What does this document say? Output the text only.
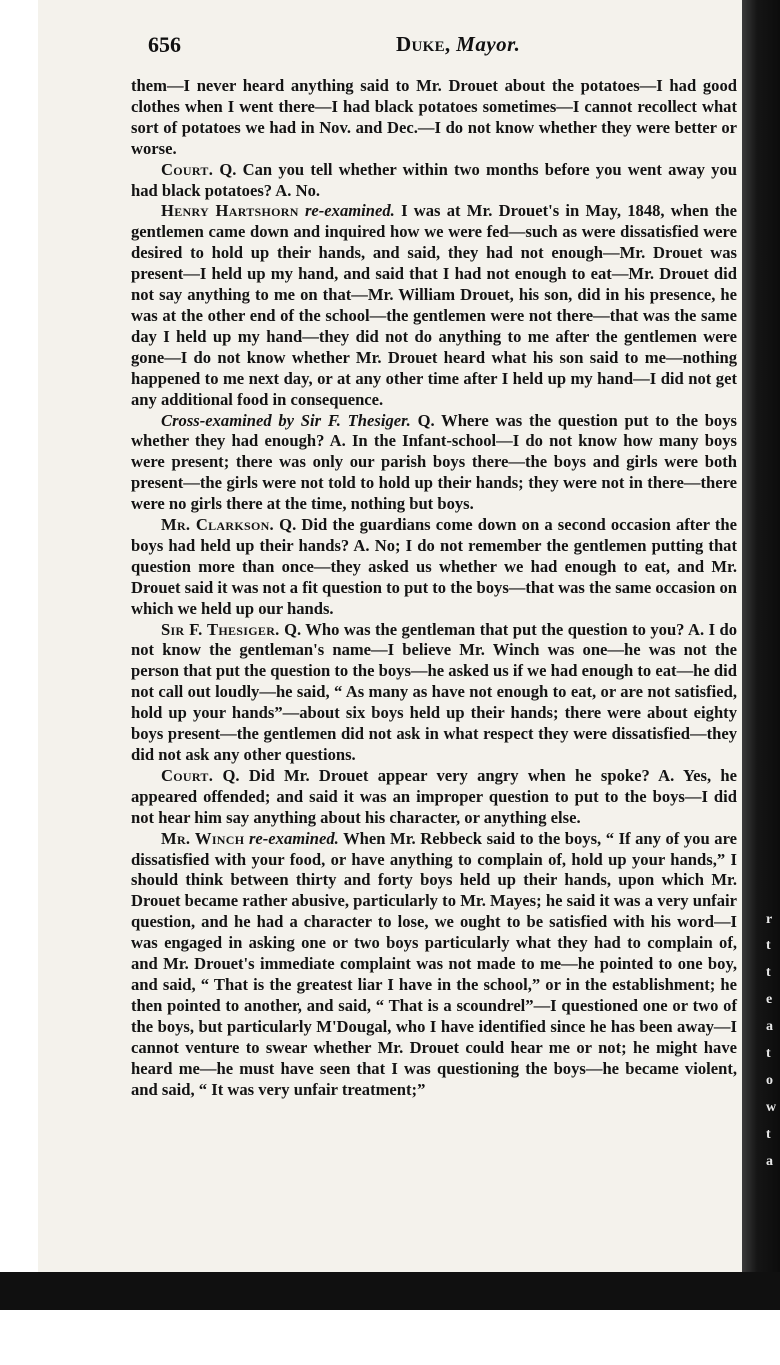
r
t
t
e
a
t
o
w
t
a
656	Duke, Mayor.

them—I never heard anything said to Mr. Drouet about the potatoes—I had good clothes when I went there—I had black potatoes sometimes—I cannot recollect what sort of potatoes we had in Nov. and Dec.—I do not know whether they were better or worse.

Court. Q. Can you tell whether within two months before you went away you had black potatoes? A. No.

Henry Hartshorn re-examined. I was at Mr. Drouet's in May, 1848, when the gentlemen came down and inquired how we were fed—such as were dissatisfied were desired to hold up their hands, and said, they had not enough—Mr. Drouet was present—I held up my hand, and said that I had not enough to eat—Mr. Drouet did not say anything to me on that—Mr. William Drouet, his son, did in his presence, he was at the other end of the school—the gentlemen were not there—that was the same day I held up my hand—they did not do anything to me after the gentlemen were gone—I do not know whether Mr. Drouet heard what his son said to me—nothing happened to me next day, or at any other time after I held up my hand—I did not get any additional food in consequence.

Cross-examined by Sir F. Thesiger. Q. Where was the question put to the boys whether they had enough? A. In the Infant-school—I do not know how many boys were present; there was only our parish boys there—the boys and girls were both present—the girls were not told to hold up their hands; they were not in there—there were no girls there at the time, nothing but boys.

Mr. Clarkson. Q. Did the guardians come down on a second occasion after the boys had held up their hands? A. No; I do not remember the gentlemen putting that question more than once—they asked us whether we had enough to eat, and Mr. Drouet said it was not a fit question to put to the boys—that was the same occasion on which we held up our hands.

Sir F. Thesiger. Q. Who was the gentleman that put the question to you? A. I do not know the gentleman's name—I believe Mr. Winch was one—he was not the person that put the question to the boys—he asked us if we had enough to eat—he did not call out loudly—he said, “ As many as have not enough to eat, or are not satisfied, hold up your hands”—about six boys held up their hands; there were about eighty boys present—the gentlemen did not ask in what respect they were dissatisfied—they did not ask any other questions.

Court. Q. Did Mr. Drouet appear very angry when he spoke? A. Yes, he appeared offended; and said it was an improper question to put to the boys—I did not hear him say anything about his character, or anything else.

Mr. Winch re-examined. When Mr. Rebbeck said to the boys, “ If any of you are dissatisfied with your food, or have anything to complain of, hold up your hands,” I should think between thirty and forty boys held up their hands, upon which Mr. Drouet became rather abusive, particularly to Mr. Mayes; he said it was a very unfair question, and he had a character to lose, we ought to be satisfied with his word—I was engaged in asking one or two boys particularly what they had to complain of, and Mr. Drouet's immediate complaint was not made to me—he pointed to one boy, and said, “ That is the greatest liar I have in the school,” or in the establishment; he then pointed to another, and said, “ That is a scoundrel”—I questioned one or two of the boys, but particularly M'Dougal, who I have identified since he has been away—I cannot venture to swear whether Mr. Drouet could hear me or not; he might have heard me—he must have seen that I was questioning the boys—he became violent, and said, “ It was very unfair treatment;”
